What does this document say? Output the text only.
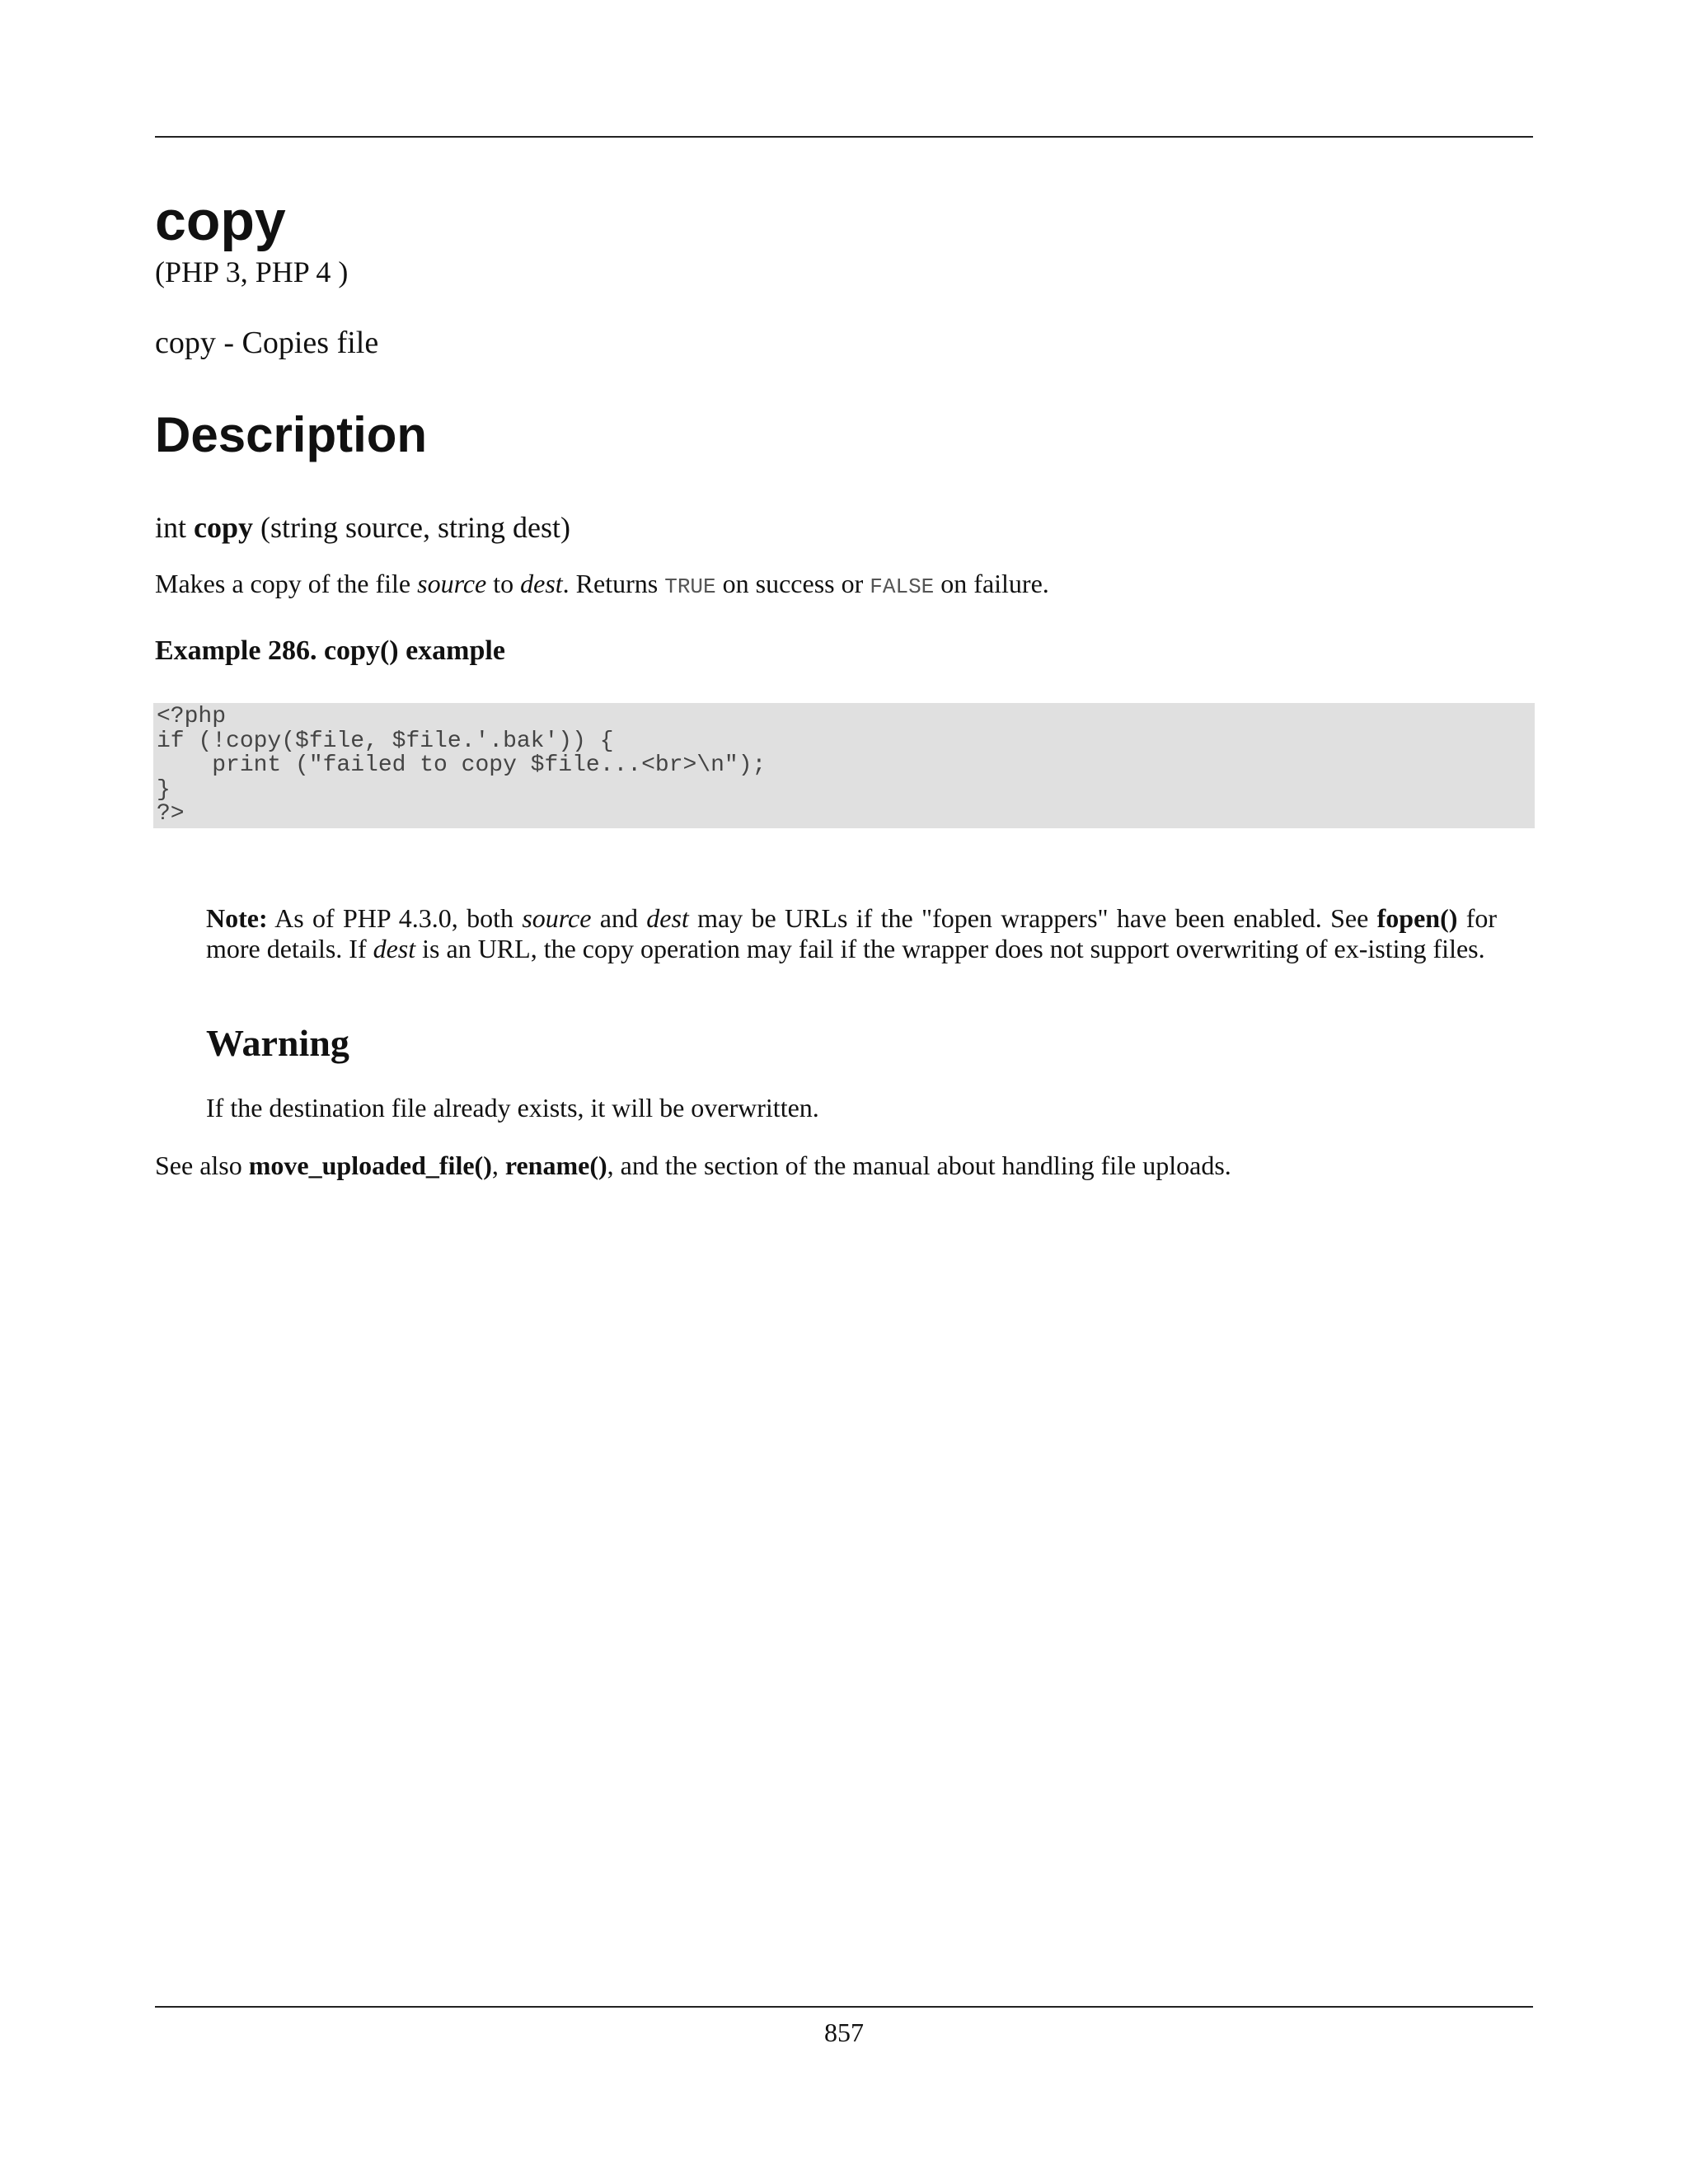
copy
(PHP 3, PHP 4 )
copy - Copies file
Description
int copy (string source, string dest)
Makes a copy of the file source to dest. Returns TRUE on success or FALSE on failure.
Example 286. copy() example
<?php
if (!copy($file, $file.'.bak')) {
print ("failed to copy $file...<br>\n");
}
?>
Note: As of PHP 4.3.0, both source and dest may be URLs if the "fopen wrappers" have been enabled. See fopen() for more details. If dest is an URL, the copy operation may fail if the wrapper does not support overwriting of ex-isting files.
Warning
If the destination file already exists, it will be overwritten.
See also move_uploaded_file(), rename(), and the section of the manual about handling file uploads.
857
